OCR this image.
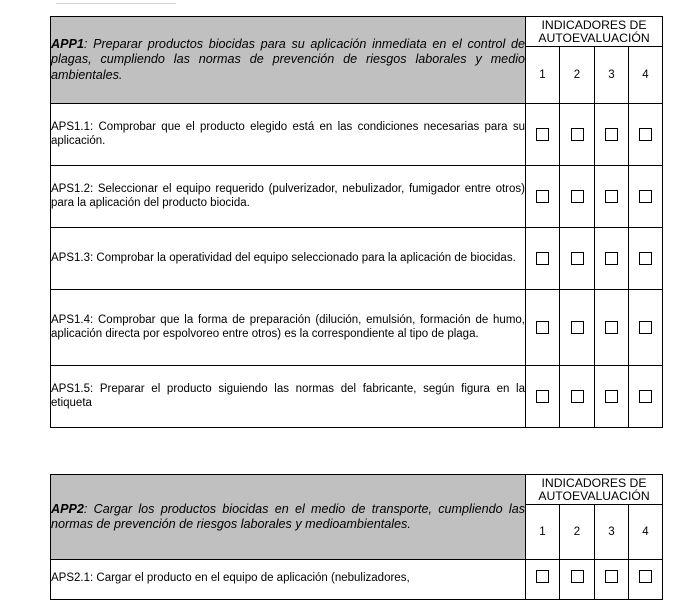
APP1: Preparar productos biocidas para su aplicación inmediata en el control de plagas, cumpliendo las normas de prevención de riesgos laborales y medio ambientales.	INDICADORES DE AUTOEVALUACIÓN			
	1	2	3	4
APS1.1: Comprobar que el producto elegido está en las condiciones necesarias para su aplicación.				
APS1.2: Seleccionar el equipo requerido (pulverizador, nebulizador, fumigador entre otros) para la aplicación del producto biocida.				
APS1.3: Comprobar la operatividad del equipo seleccionado para la aplicación de biocidas.				
APS1.4: Comprobar que la forma de preparación (dilución, emulsión, formación de humo, aplicación directa por espolvoreo entre otros) es la correspondiente al tipo de plaga.				
APS1.5: Preparar el producto siguiendo las normas del fabricante, según figura en la etiqueta				
APP2: Cargar los productos biocidas en el medio de transporte, cumpliendo las normas de prevención de riesgos laborales y medioambientales.	INDICADORES DE AUTOEVALUACIÓN			
	1	2	3	4
APS2.1: Cargar el producto en el equipo de aplicación (nebulizadores,				
